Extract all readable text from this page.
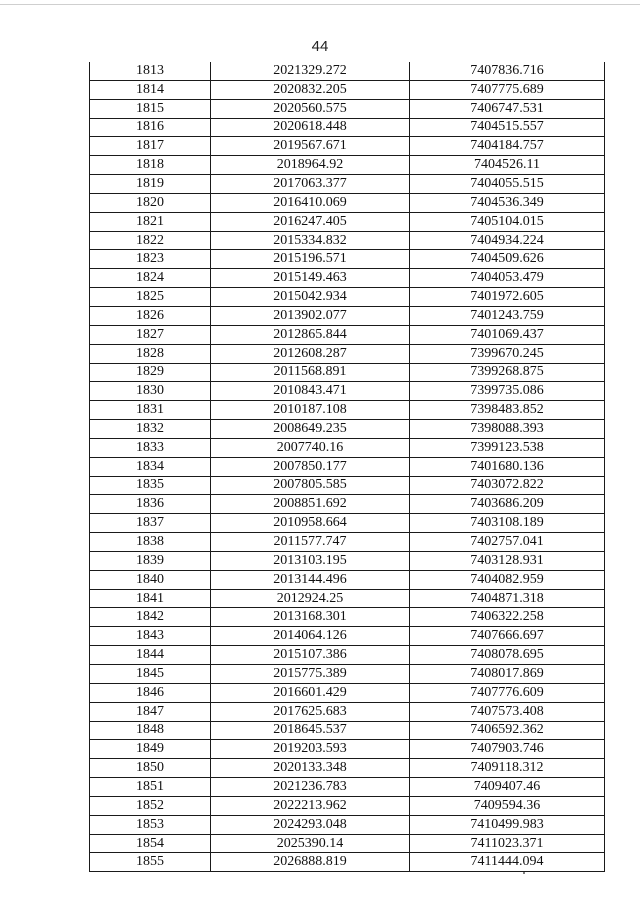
44
1813	2021329.272	7407836.716
1814	2020832.205	7407775.689
1815	2020560.575	7406747.531
1816	2020618.448	7404515.557
1817	2019567.671	7404184.757
1818	2018964.92	7404526.11
1819	2017063.377	7404055.515
1820	2016410.069	7404536.349
1821	2016247.405	7405104.015
1822	2015334.832	7404934.224
1823	2015196.571	7404509.626
1824	2015149.463	7404053.479
1825	2015042.934	7401972.605
1826	2013902.077	7401243.759
1827	2012865.844	7401069.437
1828	2012608.287	7399670.245
1829	2011568.891	7399268.875
1830	2010843.471	7399735.086
1831	2010187.108	7398483.852
1832	2008649.235	7398088.393
1833	2007740.16	7399123.538
1834	2007850.177	7401680.136
1835	2007805.585	7403072.822
1836	2008851.692	7403686.209
1837	2010958.664	7403108.189
1838	2011577.747	7402757.041
1839	2013103.195	7403128.931
1840	2013144.496	7404082.959
1841	2012924.25	7404871.318
1842	2013168.301	7406322.258
1843	2014064.126	7407666.697
1844	2015107.386	7408078.695
1845	2015775.389	7408017.869
1846	2016601.429	7407776.609
1847	2017625.683	7407573.408
1848	2018645.537	7406592.362
1849	2019203.593	7407903.746
1850	2020133.348	7409118.312
1851	2021236.783	7409407.46
1852	2022213.962	7409594.36
1853	2024293.048	7410499.983
1854	2025390.14	7411023.371
1855	2026888.819	7411444.094
